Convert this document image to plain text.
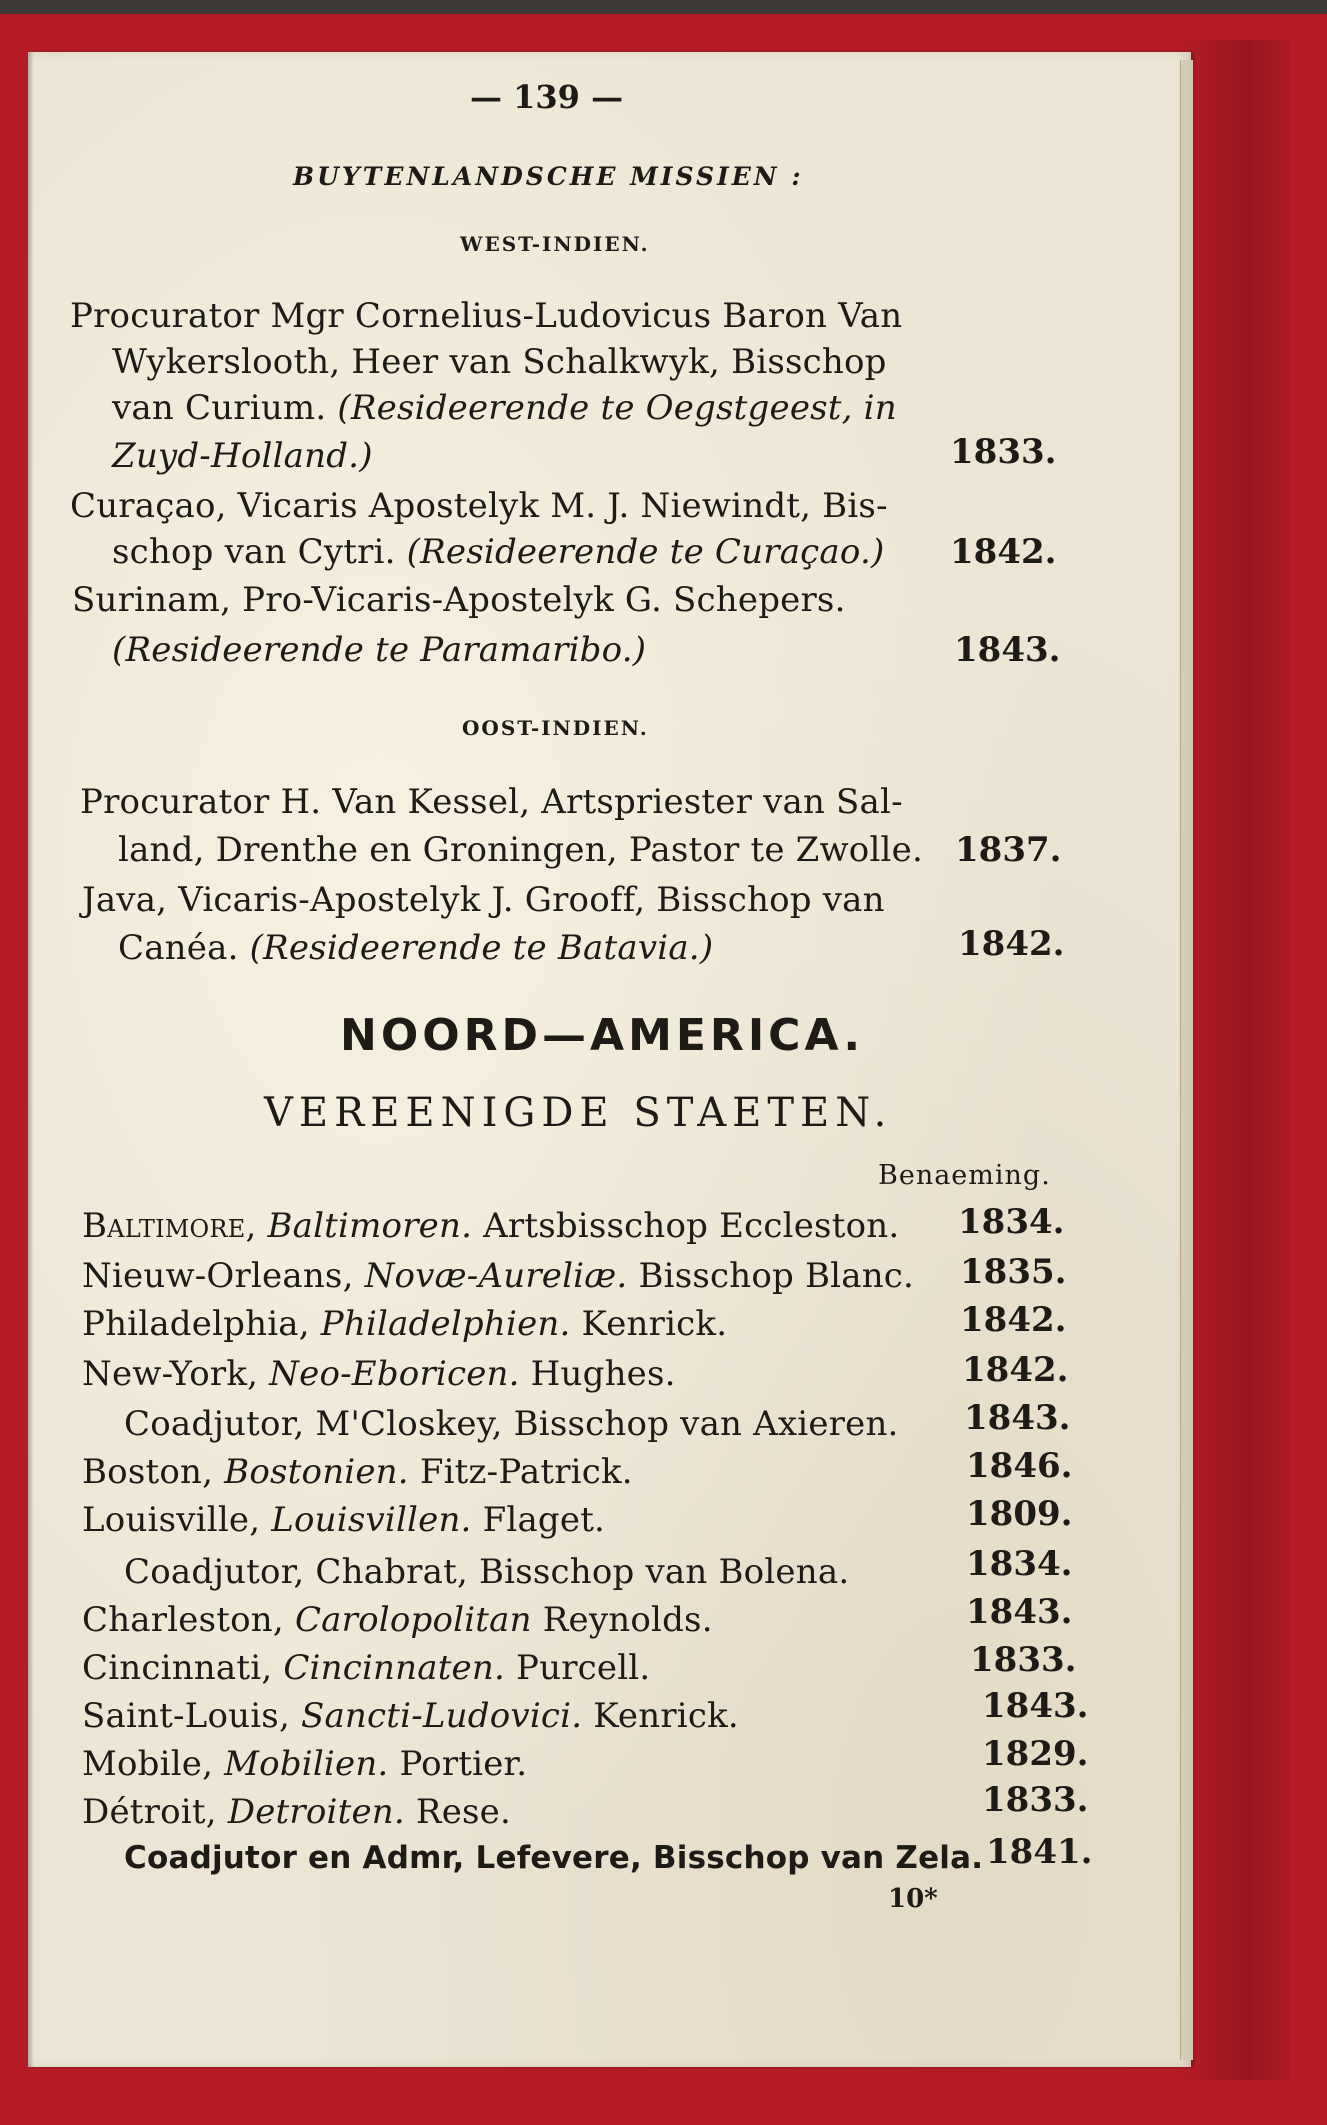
— 139 —
BUYTENLANDSCHE MISSIEN :
WEST-INDIEN.
Procurator Mgr Cornelius-Ludovicus Baron Van
Wykerslooth, Heer van Schalkwyk, Bisschop
van Curium. (Resideerende te Oegstgeest, in
Zuyd-Holland.)	1833.
Curaçao, Vicaris Apostelyk M. J. Niewindt, Bis-
schop van Cytri. (Resideerende te Curaçao.) 1842.
Surinam, Pro-Vicaris-Apostelyk G. Schepers.
(Resideerende te Paramaribo.)	1843.
OOST-INDIEN.
Procurator H. Van Kessel, Artspriester van Sal-
land, Drenthe en Groningen, Pastor te Zwolle. 1837.
Java, Vicaris-Apostelyk J. Grooff, Bisschop van
Canéa. (Resideerende te Batavia.)	1842.
NOORD—AMERICA.
VEREENIGDE STAETEN.
Benaeming.
Baltimore, Baltimoren. Artsbisschop Eccleston. 1834.
Nieuw-Orleans, Novæ-Aureliæ. Bisschop Blanc. 1835.
Philadelphia, Philadelphien. Kenrick.	1842.
New-York, Neo-Eboricen. Hughes.	1842.
Coadjutor, M'Closkey, Bisschop van Axieren. 1843.
Boston, Bostonien. Fitz-Patrick.	1846.
Louisville, Louisvillen. Flaget.	1809.
Coadjutor, Chabrat, Bisschop van Bolena.	1834.
Charleston, Carolopolitan Reynolds.	1843.
Cincinnati, Cincinnaten. Purcell.	1833.
Saint-Louis, Sancti-Ludovici. Kenrick.	1843.
Mobile, Mobilien. Portier.	1829.
Détroit, Detroiten. Rese.	1833.
Coadjutor en Admr, Lefevere, Bisschop van Zela. 1841.
10*
